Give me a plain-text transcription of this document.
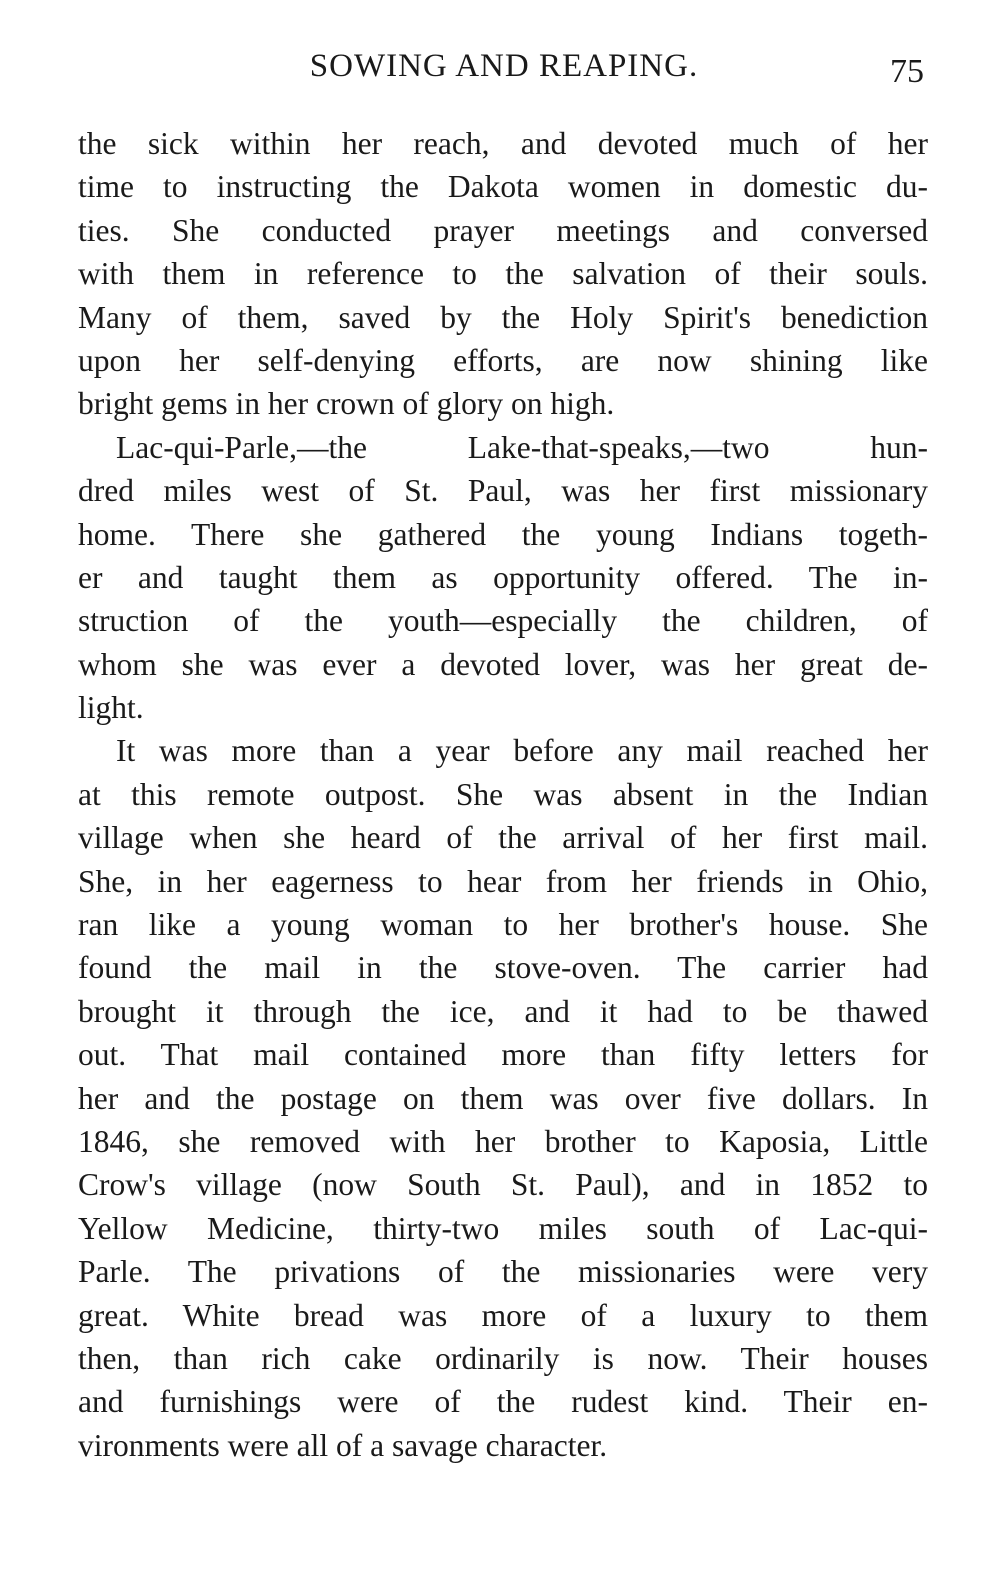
SOWING AND REAPING.	75
the sick within her reach, and devoted much of her
time to instructing the Dakota women in domestic du-
ties. She conducted prayer meetings and conversed
with them in reference to the salvation of their souls.
Many of them, saved by the Holy Spirit's benediction
upon her self-denying efforts, are now shining like
bright gems in her crown of glory on high.
Lac-qui-Parle,—the Lake-that-speaks,—two hun-
dred miles west of St. Paul, was her first missionary
home. There she gathered the young Indians togeth-
er and taught them as opportunity offered. The in-
struction of the youth—especially the children, of
whom she was ever a devoted lover, was her great de-
light.
It was more than a year before any mail reached her
at this remote outpost. She was absent in the Indian
village when she heard of the arrival of her first mail.
She, in her eagerness to hear from her friends in Ohio,
ran like a young woman to her brother's house. She
found the mail in the stove-oven. The carrier had
brought it through the ice, and it had to be thawed
out. That mail contained more than fifty letters for
her and the postage on them was over five dollars. In
1846, she removed with her brother to Kaposia, Little
Crow's village (now South St. Paul), and in 1852 to
Yellow Medicine, thirty-two miles south of Lac-qui-
Parle. The privations of the missionaries were very
great. White bread was more of a luxury to them
then, than rich cake ordinarily is now. Their houses
and furnishings were of the rudest kind. Their en-
vironments were all of a savage character.
